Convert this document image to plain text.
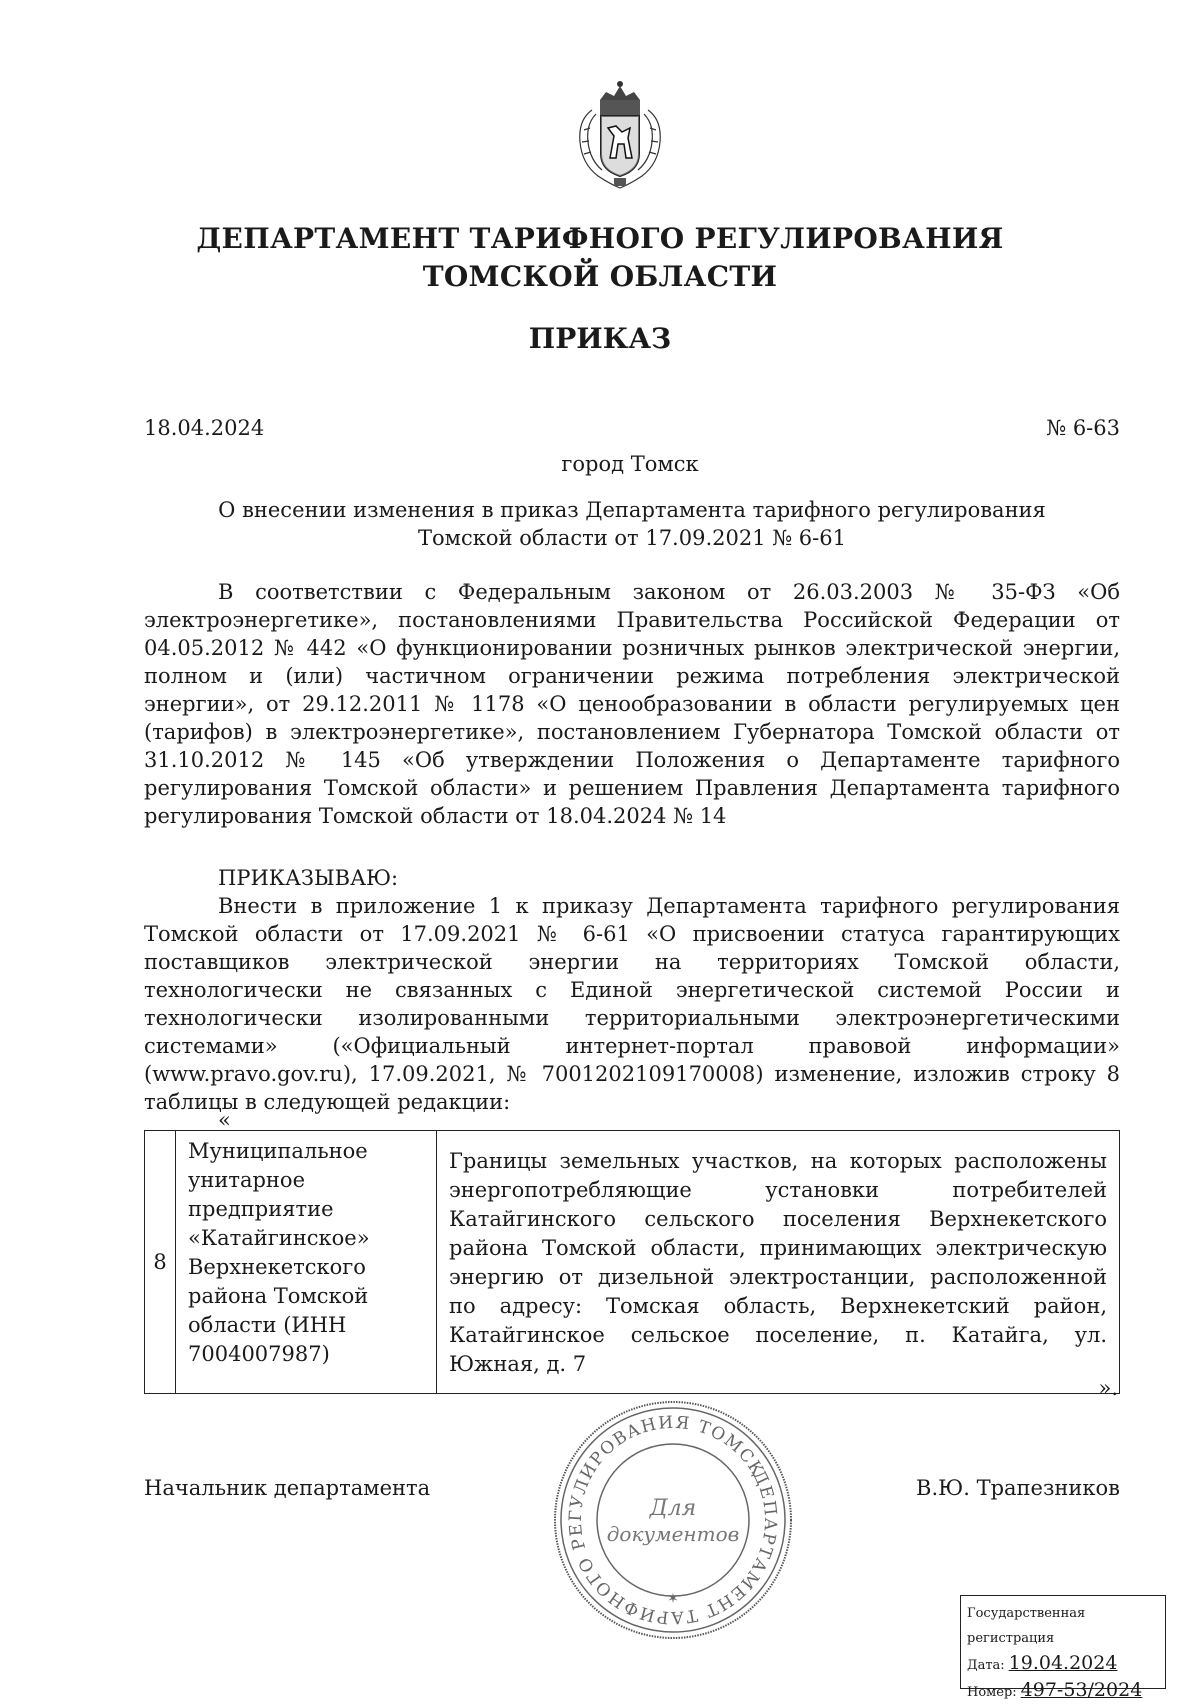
ДЕПАРТАМЕНТ ТАРИФНОГО РЕГУЛИРОВАНИЯ
ТОМСКОЙ ОБЛАСТИ
ПРИКАЗ
18.04.2024	№ 6-63
город Томск
О внесении изменения в приказ Департамента тарифного регулирования
Томской области от 17.09.2021 № 6-61

В соответствии с Федеральным законом от 26.03.2003 № 35-ФЗ «Об электроэнергетике», постановлениями Правительства Российской Федерации от 04.05.2012 № 442 «О функционировании розничных рынков электрической энергии, полном и (или) частичном ограничении режима потребления электрической энергии», от 29.12.2011 № 1178 «О ценообразовании в области регулируемых цен (тарифов) в электроэнергетике», постановлением Губернатора Томской области от 31.10.2012 № 145 «Об утверждении Положения о Департаменте тарифного регулирования Томской области» и решением Правления Департамента тарифного регулирования Томской области от 18.04.2024 № 14

ПРИКАЗЫВАЮ:

Внести в приложение 1 к приказу Департамента тарифного регулирования Томской области от 17.09.2021 № 6-61 «О присвоении статуса гарантирующих поставщиков электрической энергии на территориях Томской области, технологически не связанных с Единой энергетической системой России и технологически изолированными территориальными электроэнергетическими системами» («Официальный интернет-портал правовой информации» (www.pravo.gov.ru), 17.09.2021, № 7001202109170008) изменение, изложив строку 8 таблицы в следующей редакции:

«
8	Муниципальное унитарное предприятие «Катайгинское» Верхнекетского района Томской области (ИНН 7004007987)	Границы земельных участков, на которых расположены энергопотребляющие установки потребителей Катайгинского сельского поселения Верхнекетского района Томской области, принимающих электрическую энергию от дизельной электростанции, расположенной по адресу: Томская область, Верхнекетский район, Катайгинское сельское поселение, п. Катайга, ул. Южная, д. 7
».
Начальник департамента	В.Ю. Трапезников
ДЕПАРТАМЕНТ ТАРИФНОГО РЕГУЛИРОВАНИЯ ТОМСКОЙ
Для
документов
✶
Государственная регистрация
Дата: 19.04.2024
Номер: 497-53/2024
